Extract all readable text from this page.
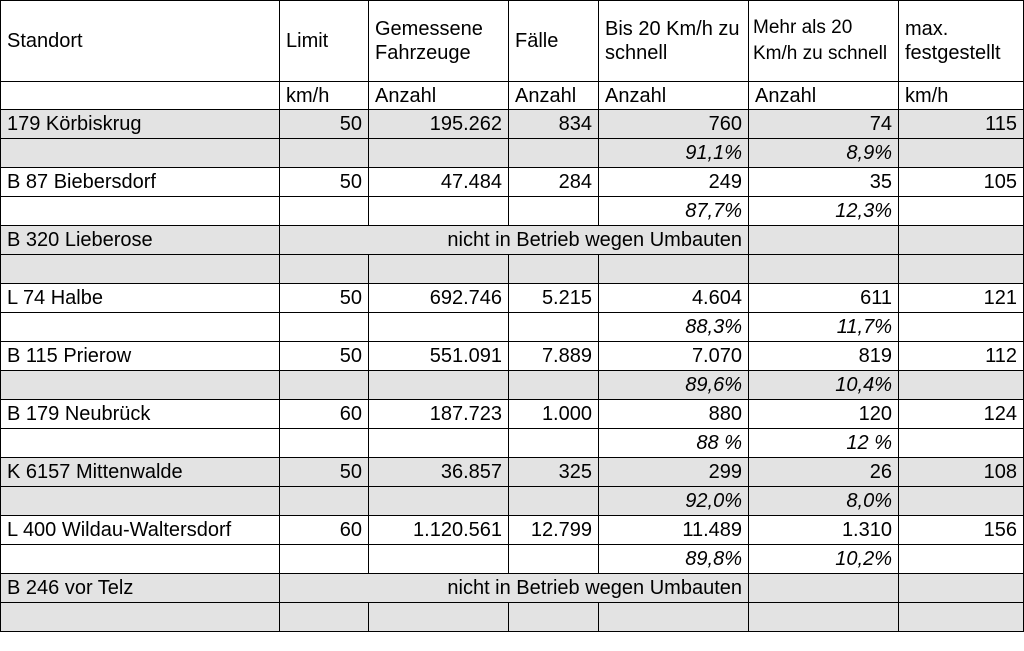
Standort	Limit	Gemessene Fahrzeuge	Fälle	Bis 20 Km/h zu schnell	Mehr als 20 Km/h zu schnell	max. festgestellt
	km/h	Anzahl	Anzahl	Anzahl	Anzahl	km/h
179 Körbiskrug	50	195.262	834	760	74	115
				91,1%	8,9%	
B 87 Biebersdorf	50	47.484	284	249	35	105
				87,7%	12,3%	
B 320 Lieberose	nicht in Betrieb wegen Umbauten					

L 74 Halbe	50	692.746	5.215	4.604	611	121
				88,3%	11,7%	
B 115 Prierow	50	551.091	7.889	7.070	819	112
				89,6%	10,4%	
B 179 Neubrück	60	187.723	1.000	880	120	124
				88 %	12 %	
K 6157 Mittenwalde	50	36.857	325	299	26	108
				92,0%	8,0%	
L 400 Wildau-Waltersdorf	60	1.120.561	12.799	11.489	1.310	156
				89,8%	10,2%	
B 246 vor Telz	nicht in Betrieb wegen Umbauten					
